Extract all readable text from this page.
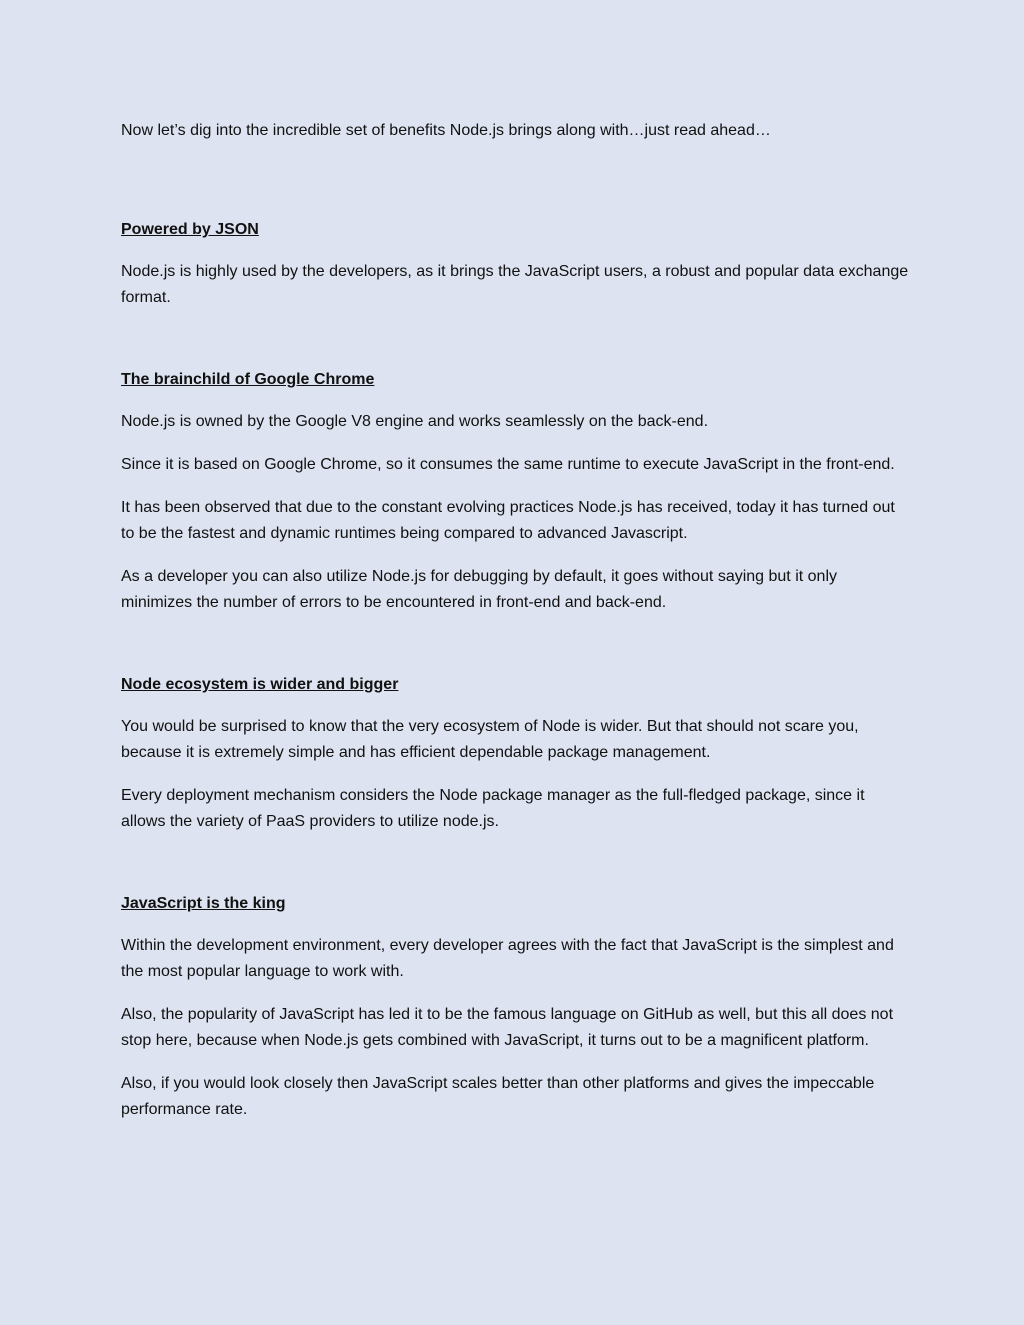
Now let’s dig into the incredible set of benefits Node.js brings along with…just read ahead…

Powered by JSON

Node.js is highly used by the developers, as it brings the JavaScript users, a robust and popular data exchange format.

The brainchild of Google Chrome

Node.js is owned by the Google V8 engine and works seamlessly on the back-end.

Since it is based on Google Chrome, so it consumes the same runtime to execute JavaScript in the front-end.

It has been observed that due to the constant evolving practices Node.js has received, today it has turned out to be the fastest and dynamic runtimes being compared to advanced Javascript.

As a developer you can also utilize Node.js for debugging by default, it goes without saying but it only minimizes the number of errors to be encountered in front-end and back-end.

Node ecosystem is wider and bigger

You would be surprised to know that the very ecosystem of Node is wider. But that should not scare you, because it is extremely simple and has efficient dependable package management.

Every deployment mechanism considers the Node package manager as the full-fledged package, since it allows the variety of PaaS providers to utilize node.js.

JavaScript is the king

Within the development environment, every developer agrees with the fact that JavaScript is the simplest and the most popular language to work with.

Also, the popularity of JavaScript has led it to be the famous language on GitHub as well, but this all does not stop here, because when Node.js gets combined with JavaScript, it turns out to be a magnificent platform.

Also, if you would look closely then JavaScript scales better than other platforms and gives the impeccable performance rate.
